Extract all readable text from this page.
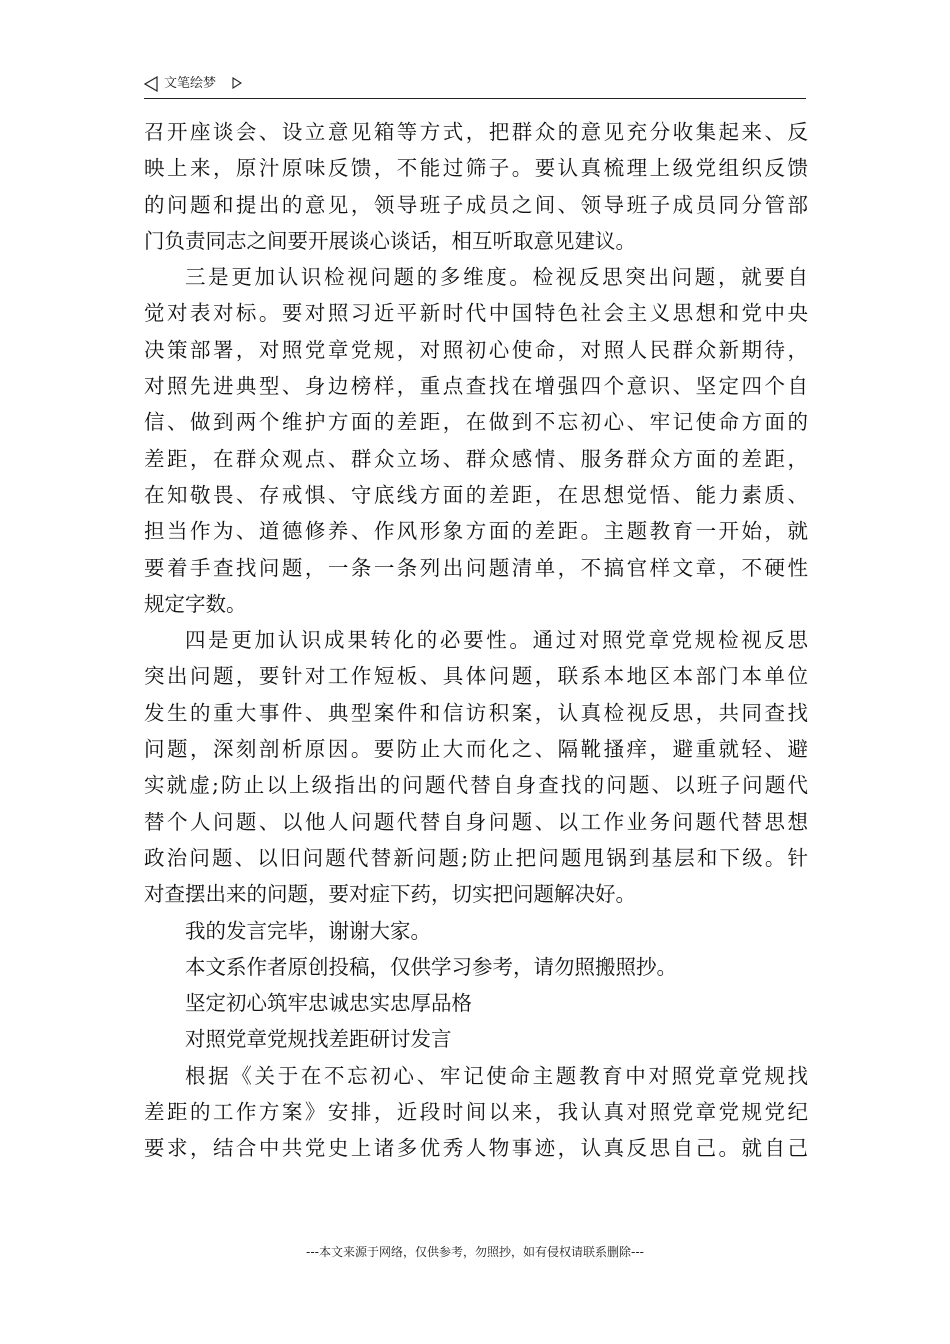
文笔绘梦
召开座谈会、设立意见箱等方式，把群众的意见充分收集起来、反
映上来，原汁原味反馈，不能过筛子。要认真梳理上级党组织反馈
的问题和提出的意见，领导班子成员之间、领导班子成员同分管部
门负责同志之间要开展谈心谈话，相互听取意见建议。
三是更加认识检视问题的多维度。检视反思突出问题，就要自
觉对表对标。要对照习近平新时代中国特色社会主义思想和党中央
决策部署，对照党章党规，对照初心使命，对照人民群众新期待，
对照先进典型、身边榜样，重点查找在增强四个意识、坚定四个自
信、做到两个维护方面的差距，在做到不忘初心、牢记使命方面的
差距，在群众观点、群众立场、群众感情、服务群众方面的差距，
在知敬畏、存戒惧、守底线方面的差距，在思想觉悟、能力素质、
担当作为、道德修养、作风形象方面的差距。主题教育一开始，就
要着手查找问题，一条一条列出问题清单，不搞官样文章，不硬性
规定字数。
四是更加认识成果转化的必要性。通过对照党章党规检视反思
突出问题，要针对工作短板、具体问题，联系本地区本部门本单位
发生的重大事件、典型案件和信访积案，认真检视反思，共同查找
问题，深刻剖析原因。要防止大而化之、隔靴搔痒，避重就轻、避
实就虚;防止以上级指出的问题代替自身查找的问题、以班子问题代
替个人问题、以他人问题代替自身问题、以工作业务问题代替思想
政治问题、以旧问题代替新问题;防止把问题甩锅到基层和下级。针
对查摆出来的问题，要对症下药，切实把问题解决好。
我的发言完毕，谢谢大家。
本文系作者原创投稿，仅供学习参考，请勿照搬照抄。
坚定初心筑牢忠诚忠实忠厚品格
对照党章党规找差距研讨发言
根据《关于在不忘初心、牢记使命主题教育中对照党章党规找
差距的工作方案》安排，近段时间以来，我认真对照党章党规党纪
要求，结合中共党史上诸多优秀人物事迹，认真反思自己。就自己
---本文来源于网络，仅供参考，勿照抄，如有侵权请联系删除---
